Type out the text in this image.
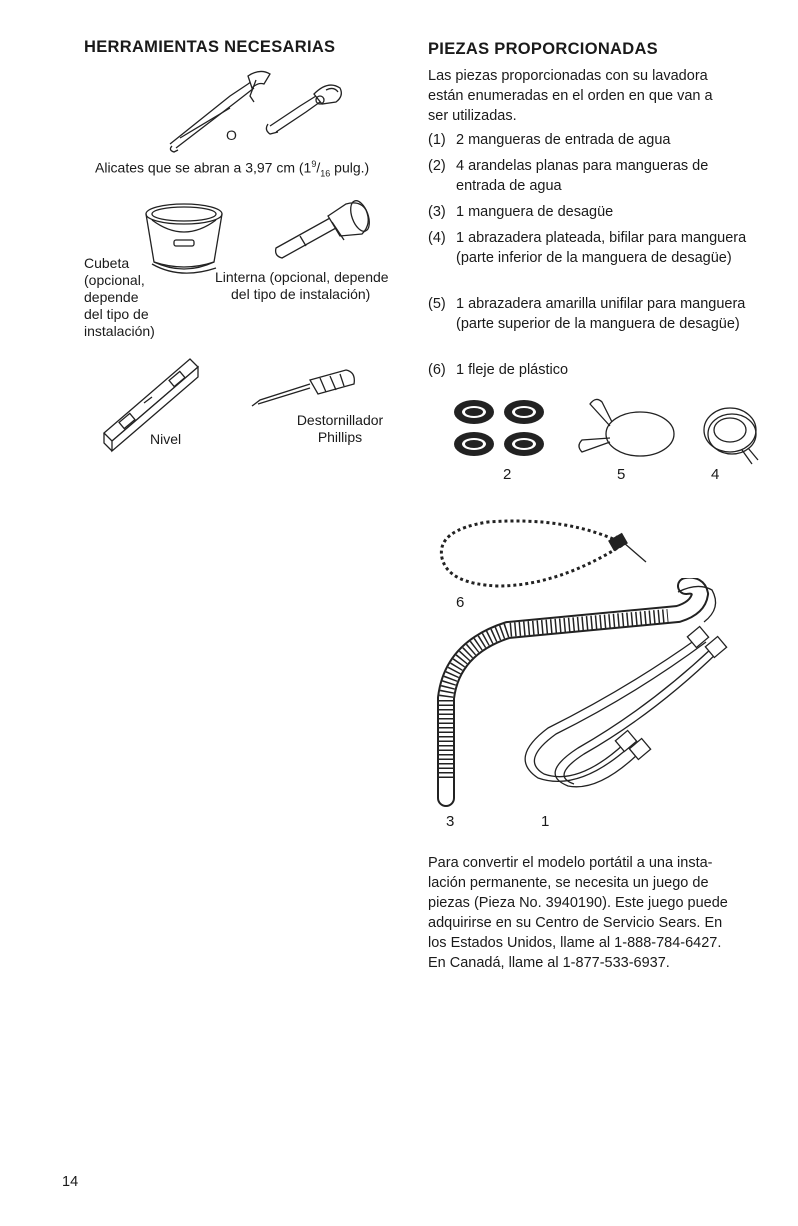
HERRAMIENTAS NECESARIAS
O
Alicates que se abran a 3,97 cm ($1^9/_{16}$ pulg.)
Cubeta
(opcional,
depende
del tipo de
instalación)
Linterna (opcional, depende
del tipo de instalación)
Nivel
Destornillador
Phillips
PIEZAS PROPORCIONADAS
Las piezas proporcionadas con su lavadora
están enumeradas en el orden en que van a
ser utilizadas.
(1) 2 mangueras de entrada de agua
(2) 4 arandelas planas para mangueras de entrada de agua
(3) 1 manguera de desagüe
(4) 1 abrazadera plateada, bifilar para manguera (parte inferior de la manguera de desagüe)
(5) 1 abrazadera amarilla unifilar para manguera (parte superior de la manguera de desagüe)
(6) 1 fleje de plástico
2	5	4
6
3	1
Para convertir el modelo portátil a una insta-
lación permanente, se necesita un juego de
piezas (Pieza No. 3940190). Este juego puede
adquirirse en su Centro de Servicio Sears. En
los Estados Unidos, llame al 1-888-784-6427.
En Canadá, llame al 1-877-533-6937.
14
